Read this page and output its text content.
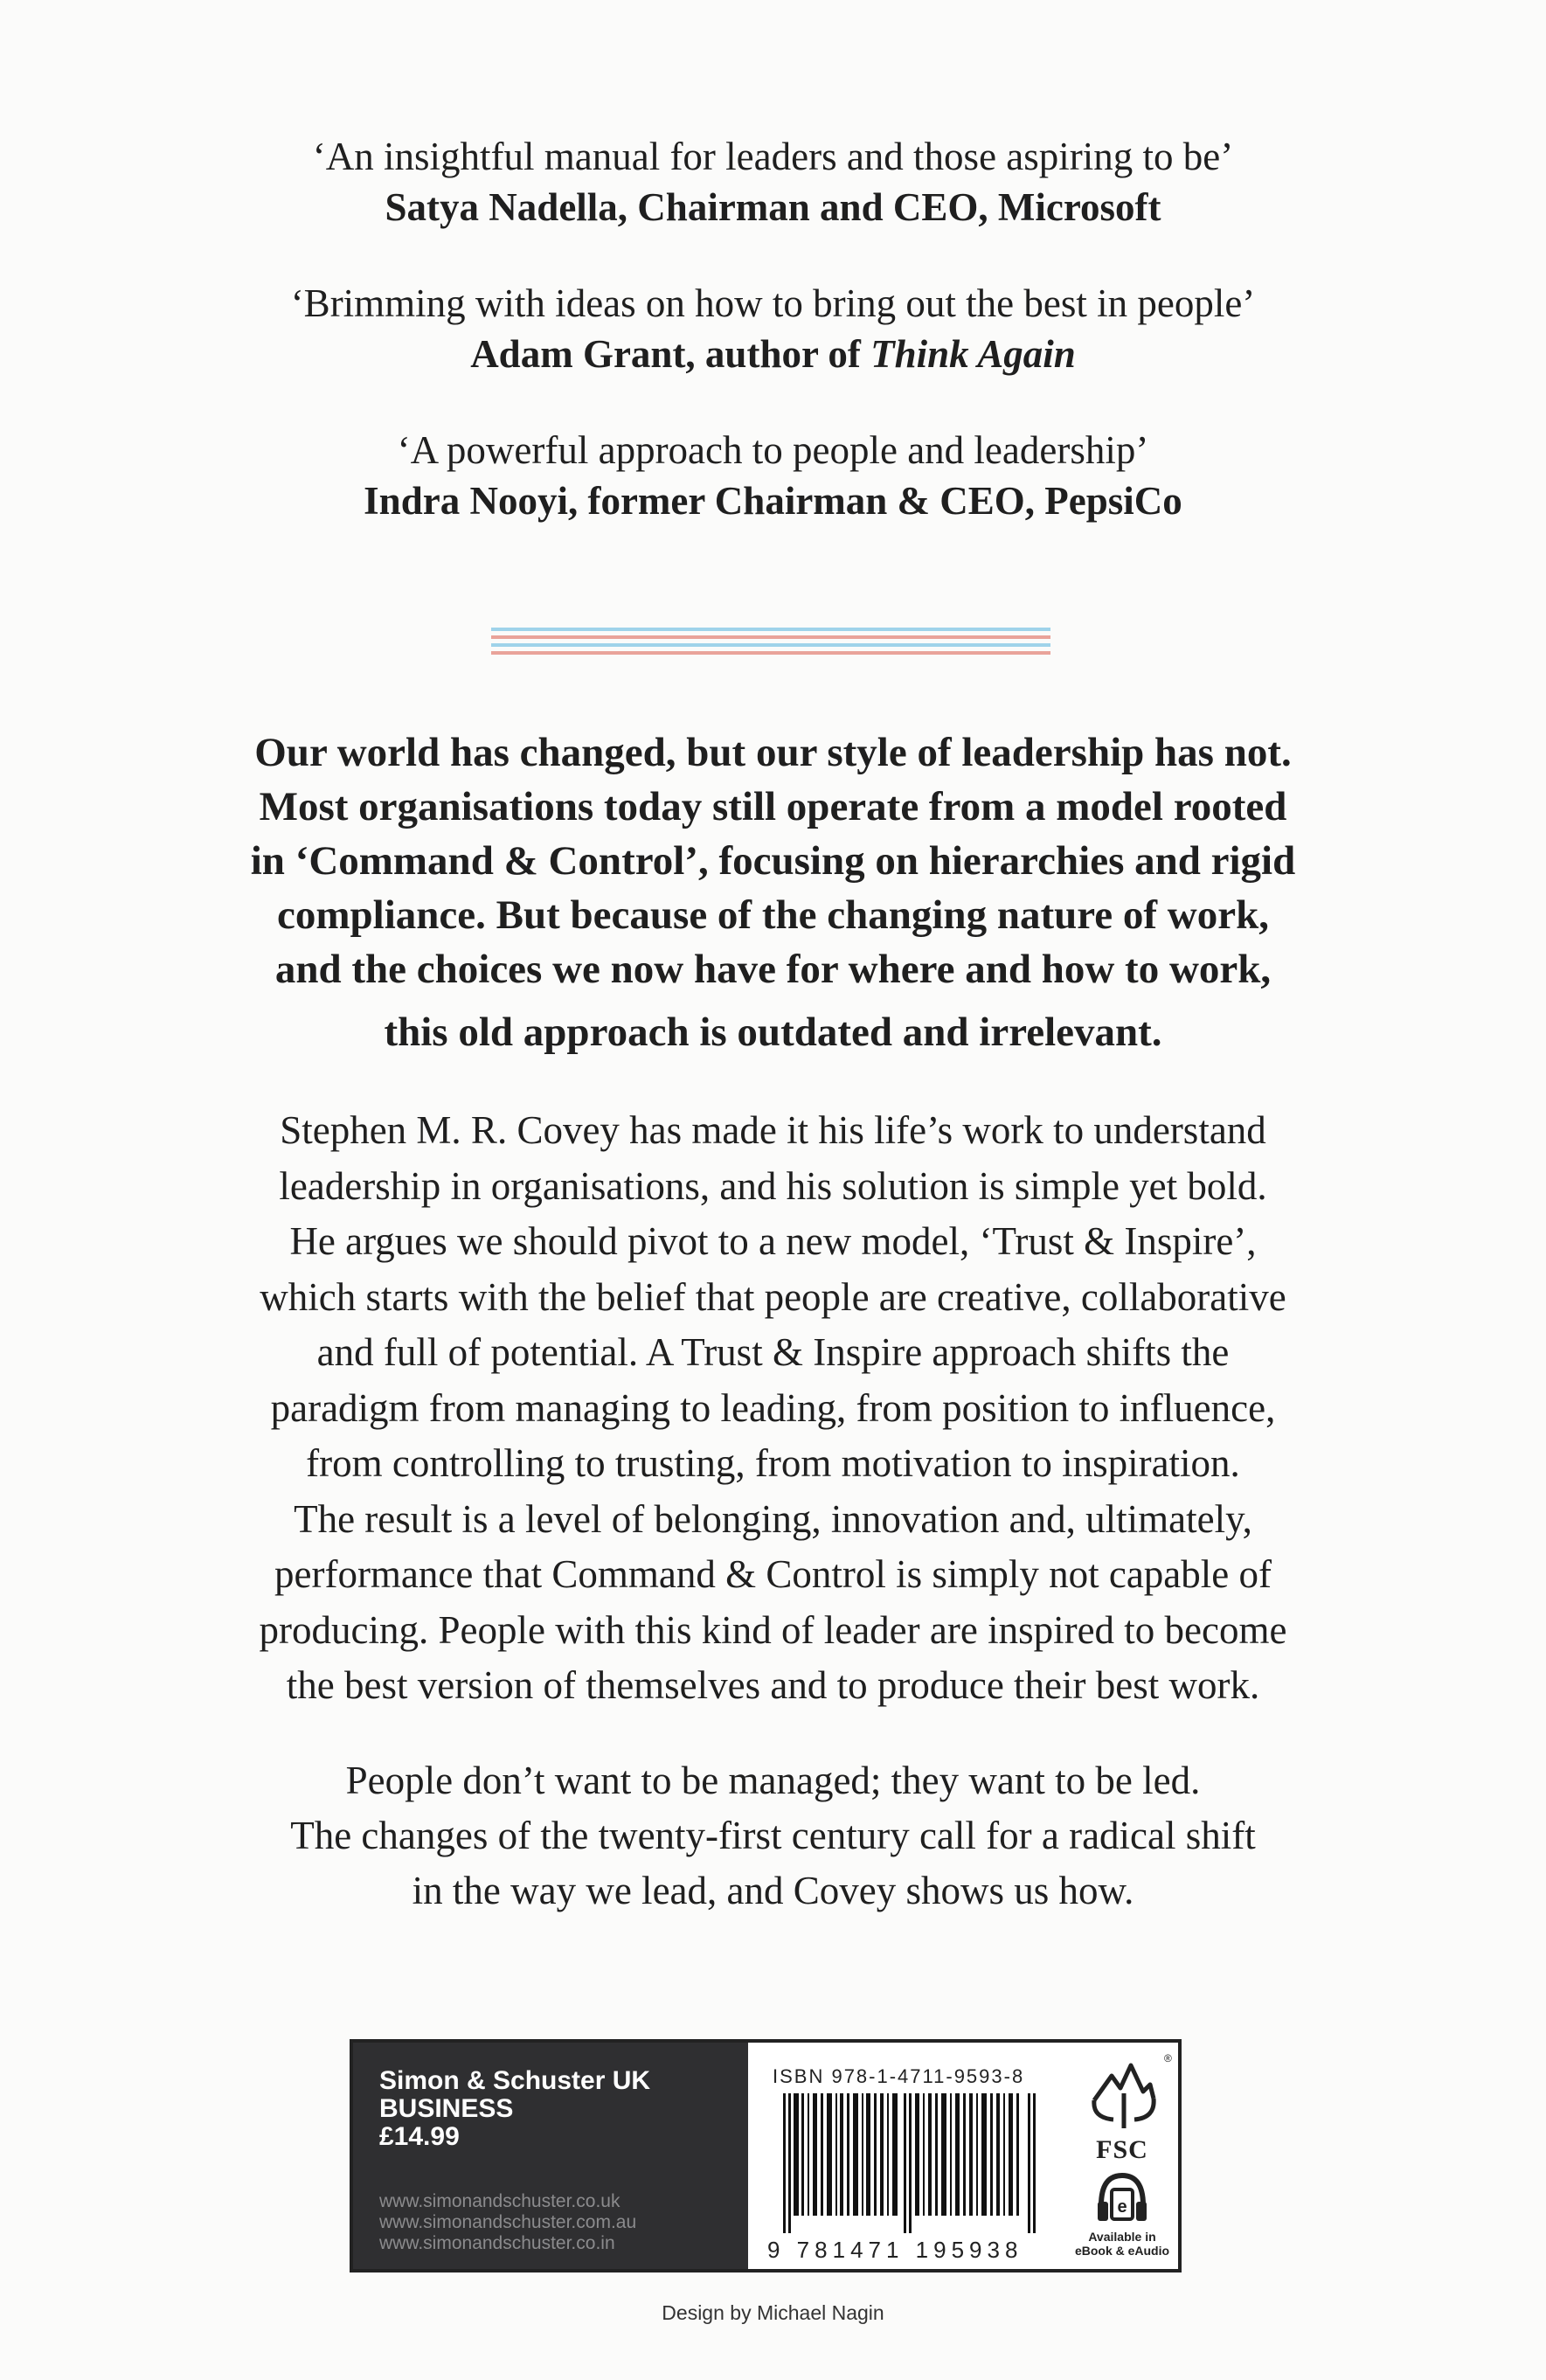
‘An insightful manual for leaders and those aspiring to be’

Satya Nadella, Chairman and CEO, Microsoft

‘Brimming with ideas on how to bring out the best in people’

Adam Grant, author of Think Again

‘A powerful approach to people and leadership’

Indra Nooyi, former Chairman & CEO, PepsiCo

Our world has changed, but our style of leadership has not.

Most organisations today still operate from a model rooted

in ‘Command & Control’, focusing on hierarchies and rigid

compliance. But because of the changing nature of work,

and the choices we now have for where and how to work,

this old approach is outdated and irrelevant.

Stephen M. R. Covey has made it his life’s work to understand

leadership in organisations, and his solution is simple yet bold.

He argues we should pivot to a new model, ‘Trust & Inspire’,

which starts with the belief that people are creative, collaborative

and full of potential. A Trust & Inspire approach shifts the

paradigm from managing to leading, from position to influence,

from controlling to trusting, from motivation to inspiration.

The result is a level of belonging, innovation and, ultimately,

performance that Command & Control is simply not capable of

producing. People with this kind of leader are inspired to become

the best version of themselves and to produce their best work.

People don’t want to be managed; they want to be led.

The changes of the twenty-first century call for a radical shift

in the way we lead, and Covey shows us how.

Simon & Schuster UK
BUSINESS
£14.99
www.simonandschuster.co.uk
www.simonandschuster.com.au
www.simonandschuster.co.in
ISBN 978-1-4711-9593-8
9 781471 195938
®
FSC
e
Available in
eBook & eAudio
Design by Michael Nagin
